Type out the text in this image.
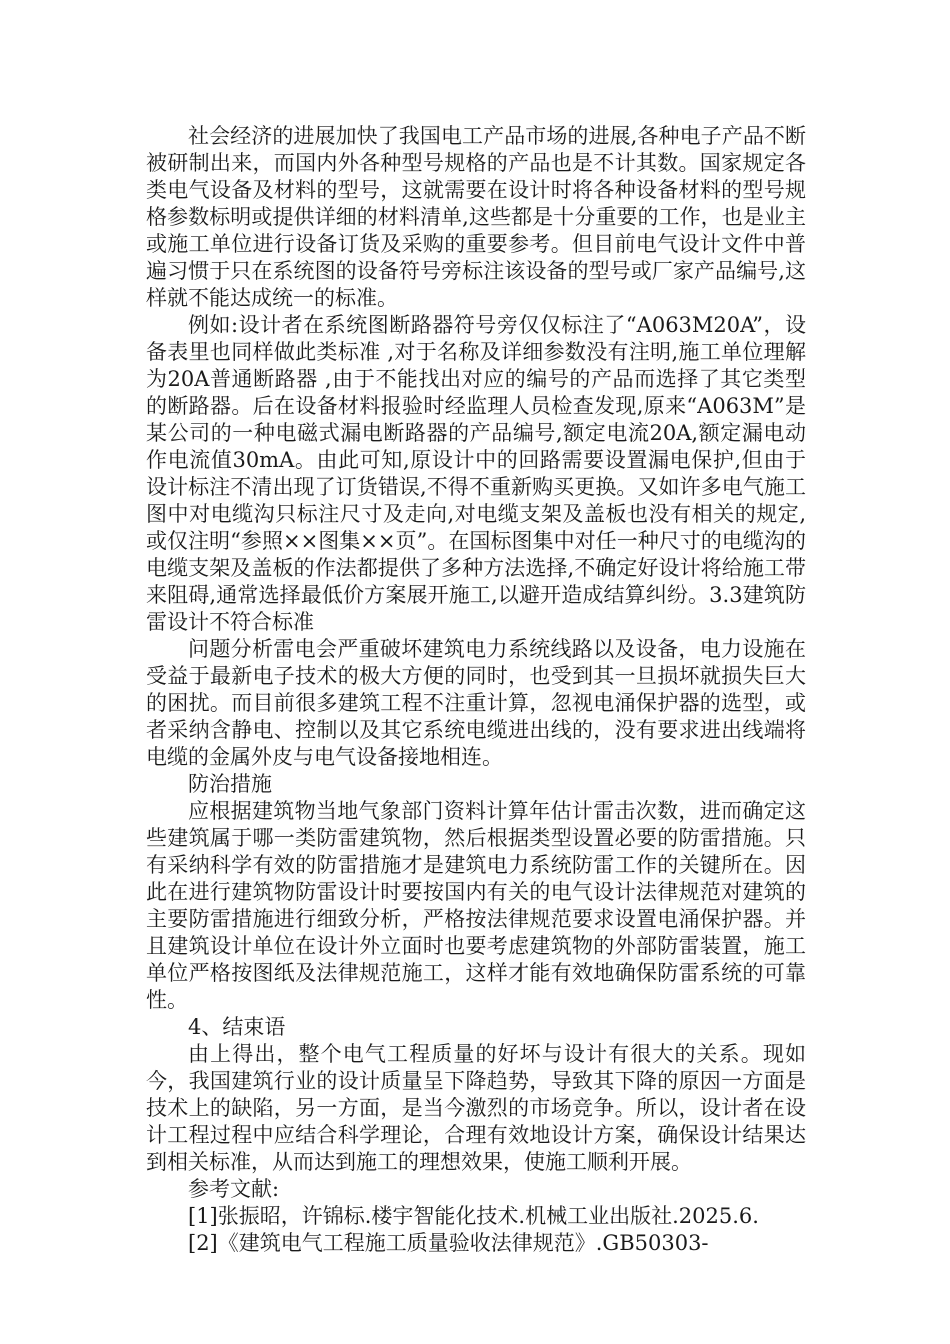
社会经济的进展加快了我国电工产品市场的进展,各种电子产品不断被研制出来，而国内外各种型号规格的产品也是不计其数。国家规定各类电气设备及材料的型号，这就需要在设计时将各种设备材料的型号规格参数标明或提供详细的材料清单,这些都是十分重要的工作，也是业主或施工单位进行设备订货及采购的重要参考。但目前电气设计文件中普遍习惯于只在系统图的设备符号旁标注该设备的型号或厂家产品编号,这样就不能达成统一的标准。

例如:设计者在系统图断路器符号旁仅仅标注了“A063M20A”，设备表里也同样做此类标准 ,对于名称及详细参数没有注明,施工单位理解为20A普通断路器 ,由于不能找出对应的编号的产品而选择了其它类型的断路器。后在设备材料报验时经监理人员检查发现,原来“A063M”是某公司的一种电磁式漏电断路器的产品编号,额定电流20A,额定漏电动作电流值30mA。由此可知,原设计中的回路需要设置漏电保护,但由于设计标注不清出现了订货错误,不得不重新购买更换。又如许多电气施工图中对电缆沟只标注尺寸及走向,对电缆支架及盖板也没有相关的规定,或仅注明“参照××图集××页”。在国标图集中对任一种尺寸的电缆沟的电缆支架及盖板的作法都提供了多种方法选择,不确定好设计将给施工带来阻碍,通常选择最低价方案展开施工,以避开造成结算纠纷。3.3建筑防雷设计不符合标准

问题分析雷电会严重破坏建筑电力系统线路以及设备，电力设施在受益于最新电子技术的极大方便的同时，也受到其一旦损坏就损失巨大的困扰。而目前很多建筑工程不注重计算，忽视电涌保护器的选型，或者采纳含静电、控制以及其它系统电缆进出线的，没有要求进出线端将电缆的金属外皮与电气设备接地相连。

防治措施

应根据建筑物当地气象部门资料计算年估计雷击次数，进而确定这些建筑属于哪一类防雷建筑物，然后根据类型设置必要的防雷措施。只有采纳科学有效的防雷措施才是建筑电力系统防雷工作的关键所在。因此在进行建筑物防雷设计时要按国内有关的电气设计法律规范对建筑的主要防雷措施进行细致分析，严格按法律规范要求设置电涌保护器。并且建筑设计单位在设计外立面时也要考虑建筑物的外部防雷装置，施工单位严格按图纸及法律规范施工，这样才能有效地确保防雷系统的可靠性。

4、结束语

由上得出，整个电气工程质量的好坏与设计有很大的关系。现如今，我国建筑行业的设计质量呈下降趋势，导致其下降的原因一方面是技术上的缺陷，另一方面，是当今激烈的市场竞争。所以，设计者在设计工程过程中应结合科学理论，合理有效地设计方案，确保设计结果达到相关标准，从而达到施工的理想效果，使施工顺利开展。

参考文献:

[1]张振昭，许锦标.楼宇智能化技术.机械工业出版社.2025.6.

[2]《建筑电气工程施工质量验收法律规范》.GB50303-
